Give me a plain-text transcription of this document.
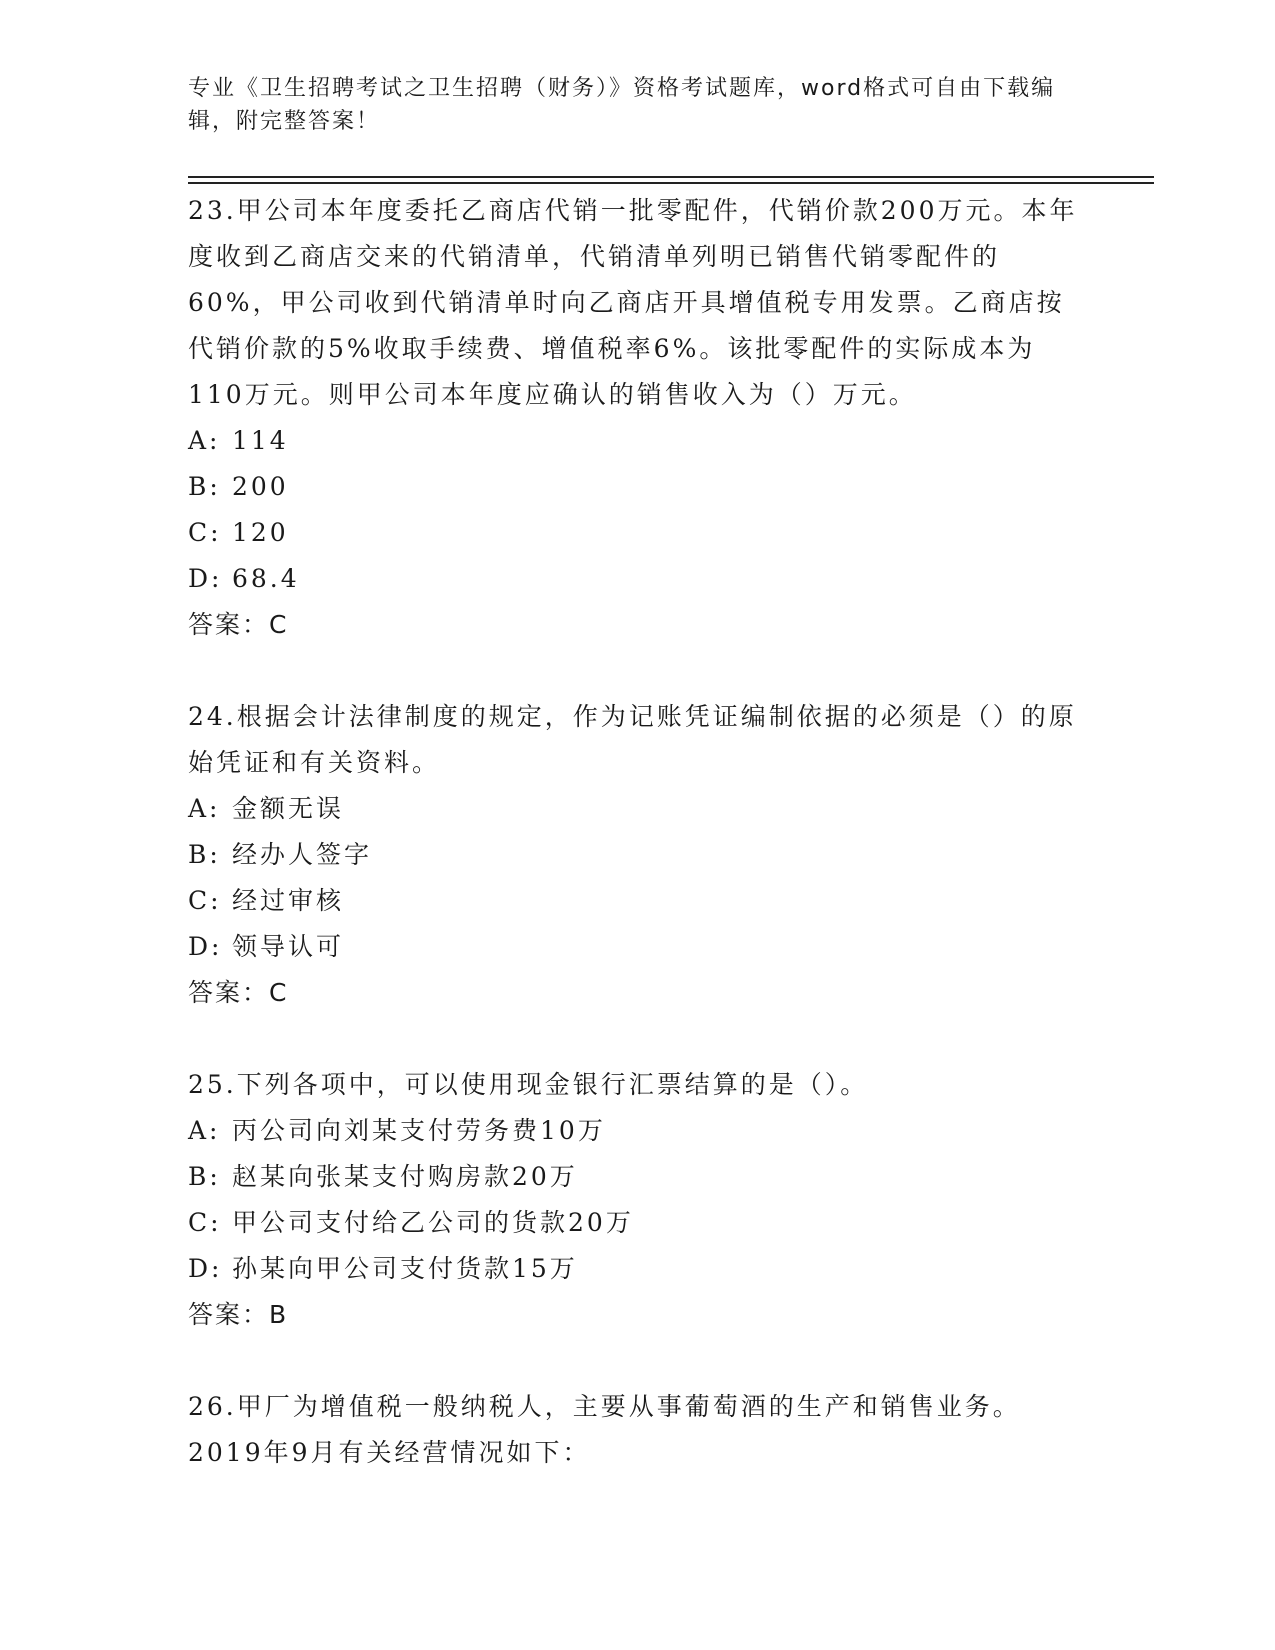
专业《卫生招聘考试之卫生招聘（财务）》资格考试题库，word格式可自由下载编辑，附完整答案！

23.甲公司本年度委托乙商店代销一批零配件，代销价款200万元。本年度收到乙商店交来的代销清单，代销清单列明已销售代销零配件的60%，甲公司收到代销清单时向乙商店开具增值税专用发票。乙商店按代销价款的5%收取手续费、增值税率6%。该批零配件的实际成本为110万元。则甲公司本年度应确认的销售收入为（）万元。

A: 114

B: 200

C: 120

D: 68.4

答案：C

24.根据会计法律制度的规定，作为记账凭证编制依据的必须是（）的原始凭证和有关资料。

A: 金额无误

B: 经办人签字

C: 经过审核

D: 领导认可

答案：C

25.下列各项中，可以使用现金银行汇票结算的是（）。

A: 丙公司向刘某支付劳务费10万

B: 赵某向张某支付购房款20万

C: 甲公司支付给乙公司的货款20万

D: 孙某向甲公司支付货款15万

答案：B

26.甲厂为增值税一般纳税人，主要从事葡萄酒的生产和销售业务。2019年9月有关经营情况如下：
